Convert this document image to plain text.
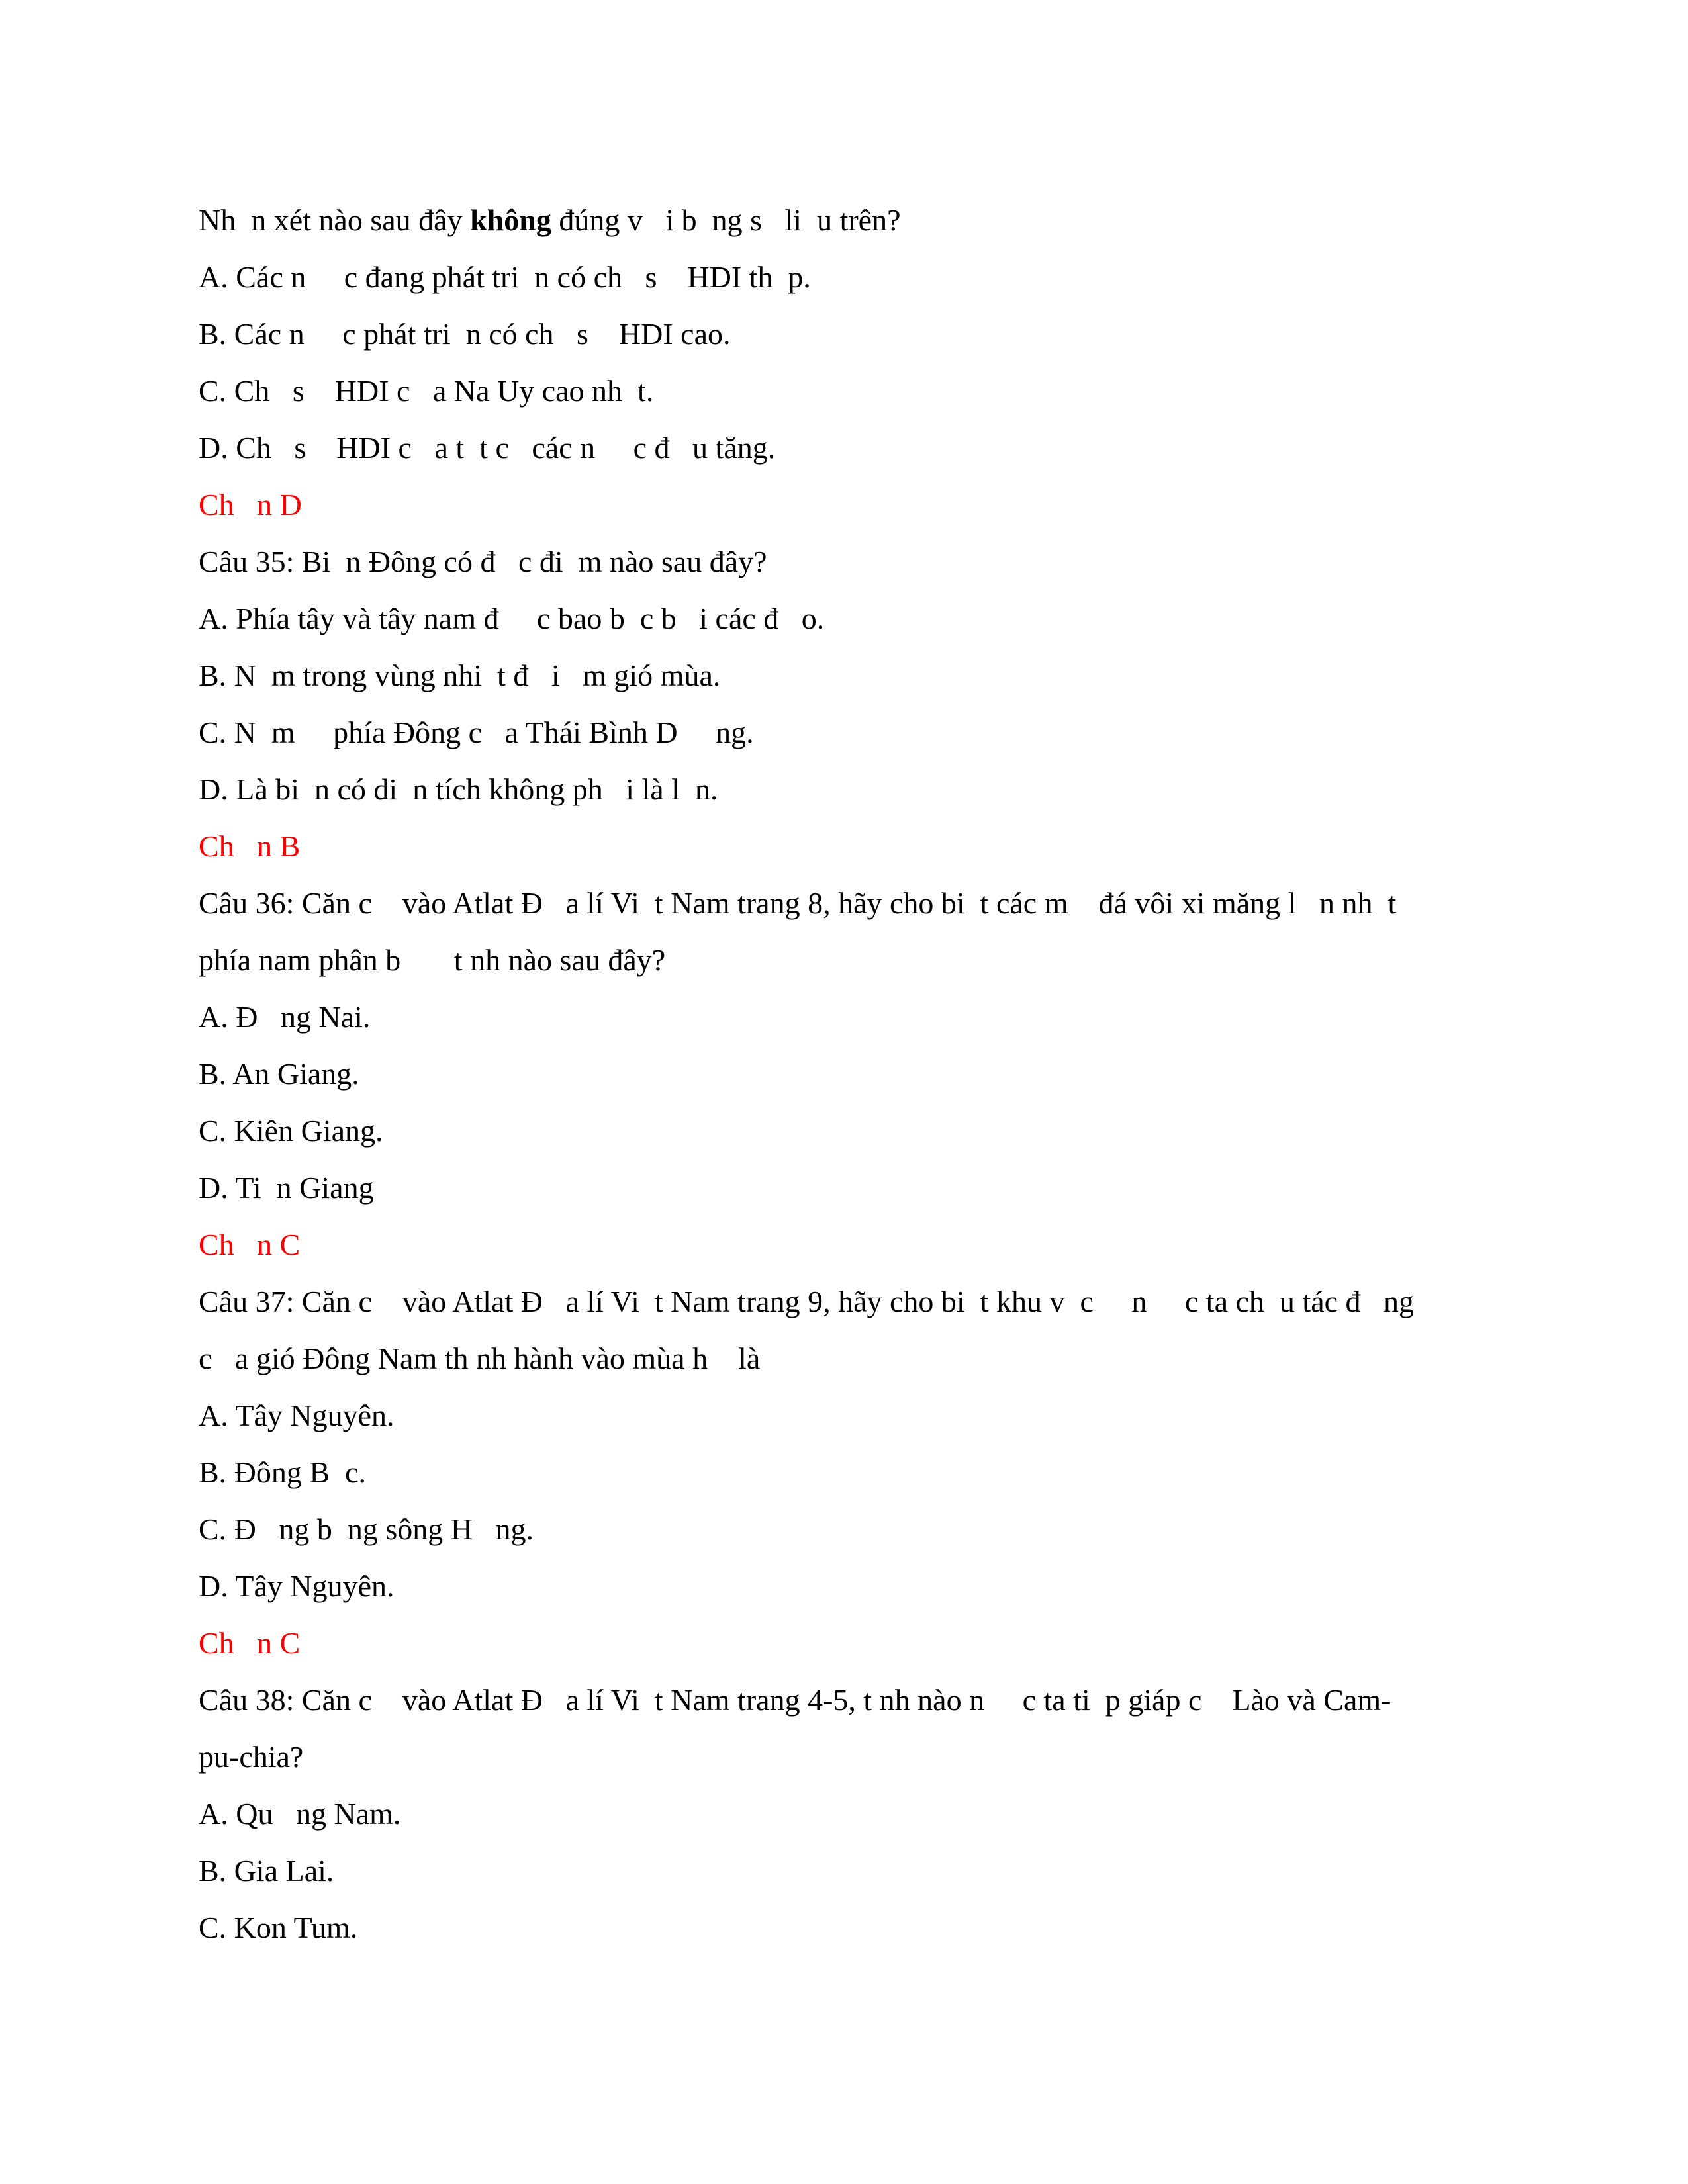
Nh  n xét nào sau đây không đúng v   i b  ng s   li  u trên?
A. Các n     c đang phát tri  n có ch   s    HDI th  p.
B. Các n     c phát tri  n có ch   s    HDI cao.
C. Ch   s    HDI c   a Na Uy cao nh  t.
D. Ch   s    HDI c   a t  t c   các n     c đ   u tăng.
Ch   n D
Câu 35: Bi  n Đông có đ   c đi  m nào sau đây?
A. Phía tây và tây nam đ     c bao b  c b   i các đ   o.
B. N  m trong vùng nhi  t đ   i   m gió mùa.
C. N  m     phía Đông c   a Thái Bình D     ng.
D. Là bi  n có di  n tích không ph   i là l  n.
Ch   n B
Câu 36: Căn c    vào Atlat Đ   a lí Vi  t Nam trang 8, hãy cho bi  t các m    đá vôi xi măng l   n nh  t
phía nam phân b       t nh nào sau đây?
A. Đ   ng Nai.
B. An Giang.
C. Kiên Giang.
D. Ti  n Giang
Ch   n C
Câu 37: Căn c    vào Atlat Đ   a lí Vi  t Nam trang 9, hãy cho bi  t khu v  c     n     c ta ch  u tác đ   ng
c   a gió Đông Nam th nh hành vào mùa h    là
A. Tây Nguyên.
B. Đông B  c.
C. Đ   ng b  ng sông H   ng.
D. Tây Nguyên.
Ch   n C
Câu 38: Căn c    vào Atlat Đ   a lí Vi  t Nam trang 4-5, t nh nào n     c ta ti  p giáp c    Lào và Cam-
pu-chia?
A. Qu   ng Nam.
B. Gia Lai.
C. Kon Tum.
